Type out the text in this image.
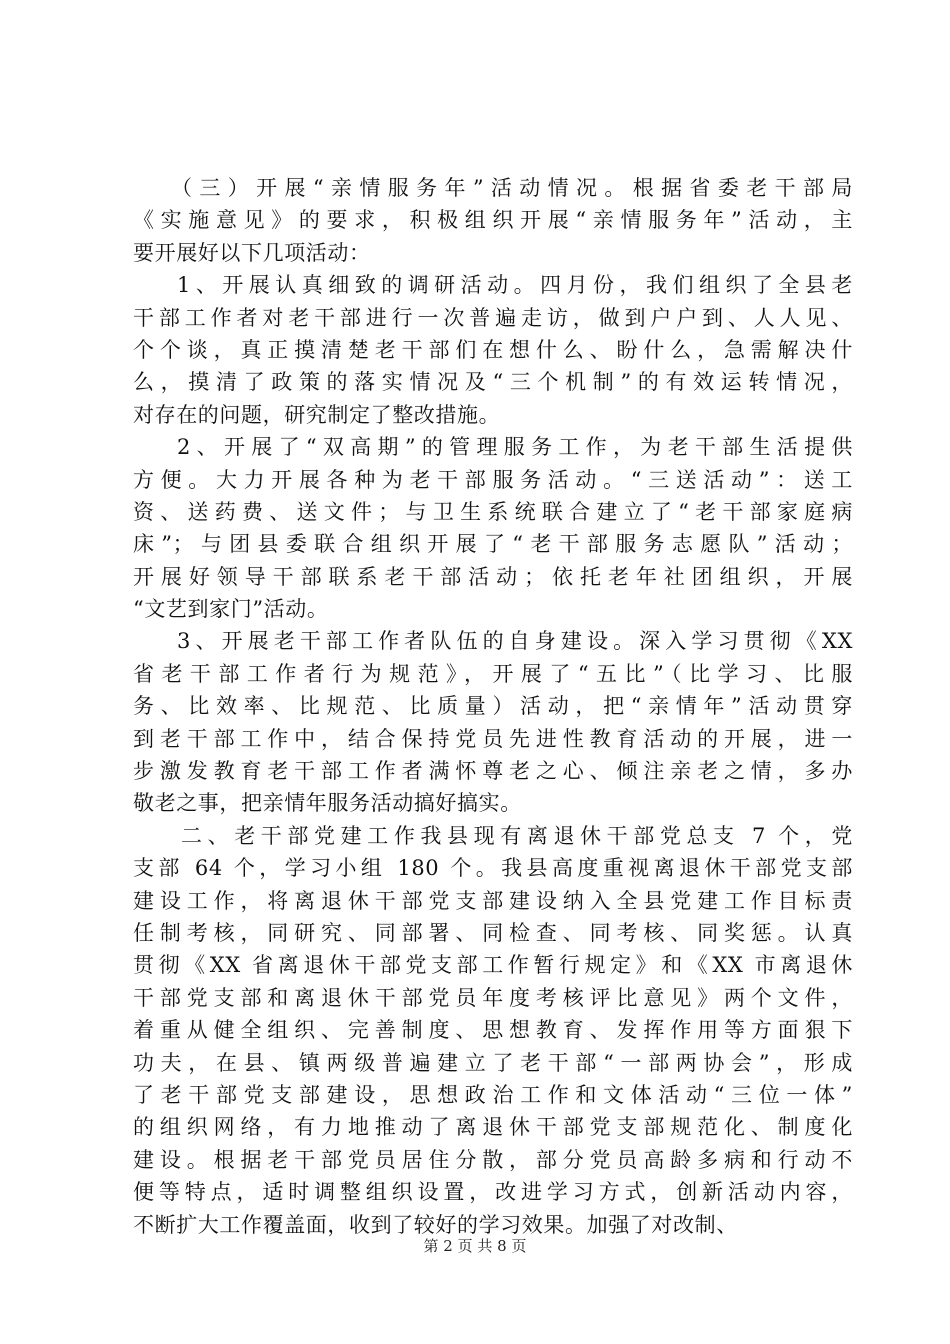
（三）开展“亲情服务年”活动情况。根据省委老干部局
《实施意见》的要求，积极组织开展“亲情服务年”活动，主
要开展好以下几项活动：
1、开展认真细致的调研活动。四月份，我们组织了全县老
干部工作者对老干部进行一次普遍走访，做到户户到、人人见、
个个谈，真正摸清楚老干部们在想什么、盼什么，急需解决什
么，摸清了政策的落实情况及“三个机制”的有效运转情况，
对存在的问题，研究制定了整改措施。
2、开展了“双高期”的管理服务工作，为老干部生活提供
方便。大力开展各种为老干部服务活动。“三送活动”：送工
资、送药费、送文件；与卫生系统联合建立了“老干部家庭病
床”；与团县委联合组织开展了“老干部服务志愿队”活动；
开展好领导干部联系老干部活动；依托老年社团组织，开展
“文艺到家门”活动。
3、开展老干部工作者队伍的自身建设。深入学习贯彻《XX
省老干部工作者行为规范》，开展了“五比”（比学习、比服
务、比效率、比规范、比质量）活动，把“亲情年”活动贯穿
到老干部工作中，结合保持党员先进性教育活动的开展，进一
步激发教育老干部工作者满怀尊老之心、倾注亲老之情，多办
敬老之事，把亲情年服务活动搞好搞实。
二、老干部党建工作我县现有离退休干部党总支 7 个，党
支部 64 个，学习小组 180 个。我县高度重视离退休干部党支部
建设工作，将离退休干部党支部建设纳入全县党建工作目标责
任制考核，同研究、同部署、同检查、同考核、同奖惩。认真
贯彻《XX 省离退休干部党支部工作暂行规定》和《XX 市离退休
干部党支部和离退休干部党员年度考核评比意见》两个文件，
着重从健全组织、完善制度、思想教育、发挥作用等方面狠下
功夫，在县、镇两级普遍建立了老干部“一部两协会”，形成
了老干部党支部建设，思想政治工作和文体活动“三位一体”
的组织网络，有力地推动了离退休干部党支部规范化、制度化
建设。根据老干部党员居住分散，部分党员高龄多病和行动不
便等特点，适时调整组织设置，改进学习方式，创新活动内容，
不断扩大工作覆盖面，收到了较好的学习效果。加强了对改制、
第 2 页 共 8 页
